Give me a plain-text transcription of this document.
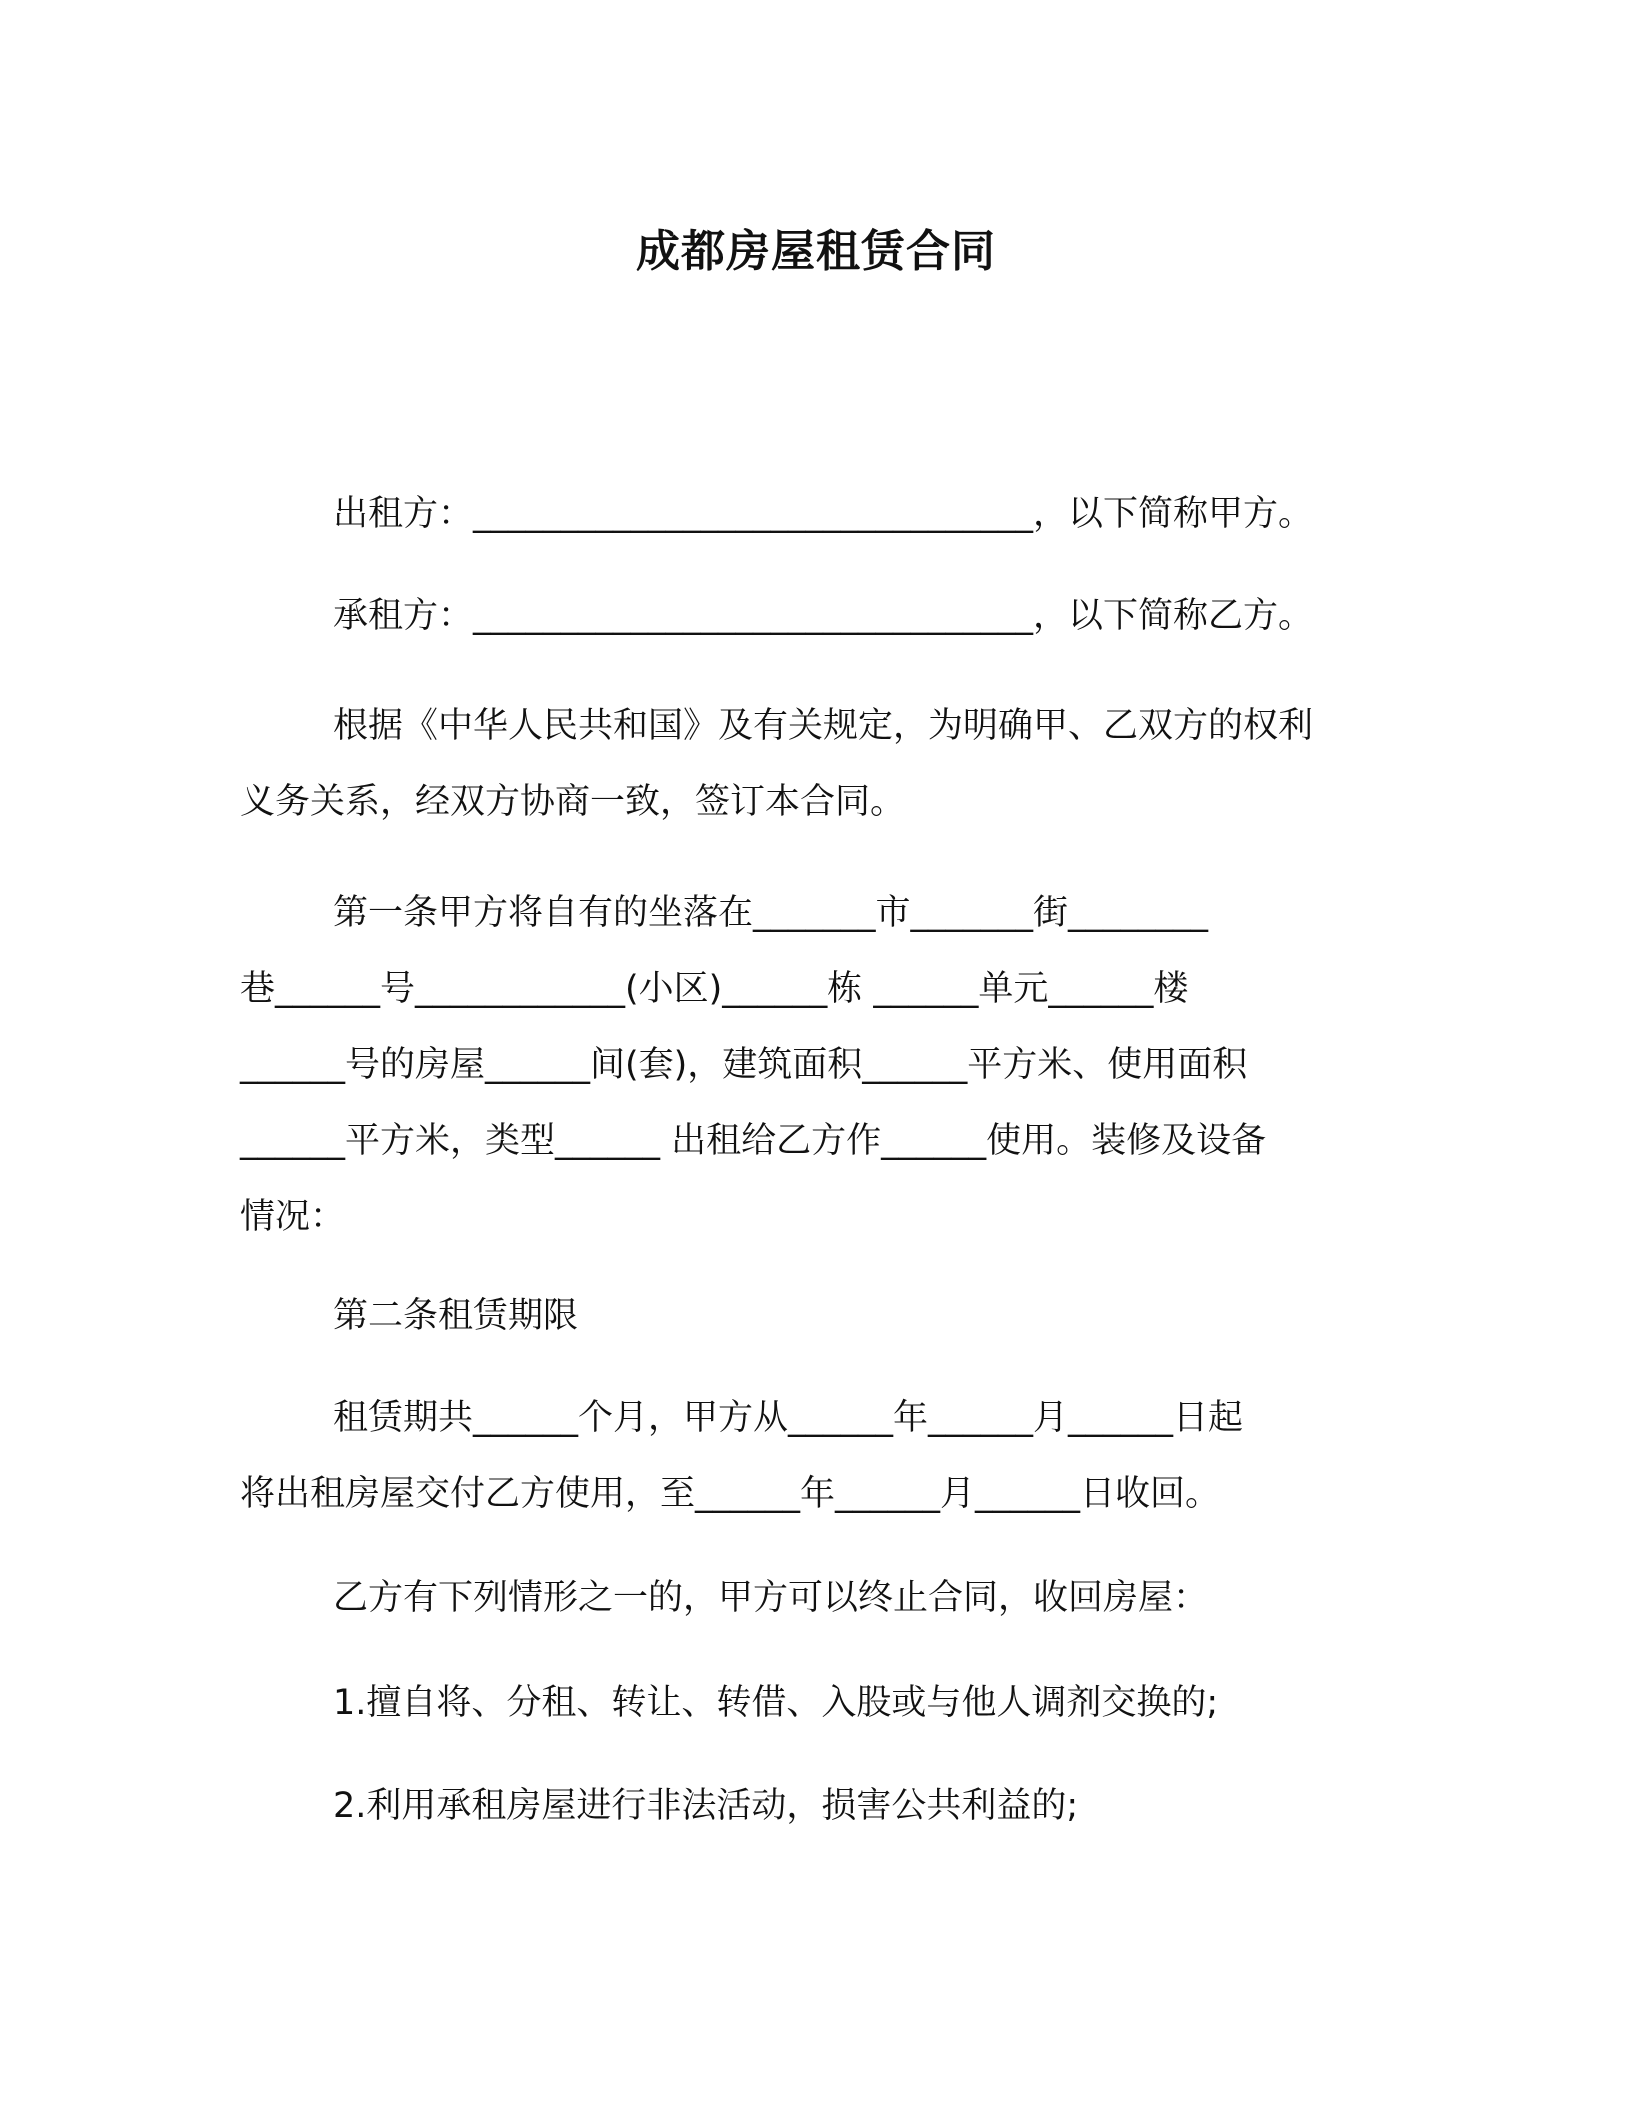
成都房屋租赁合同
出租方：________________________________，以下简称甲方。
承租方：________________________________，以下简称乙方。
根据《中华人民共和国》及有关规定，为明确甲、乙双方的权利
义务关系，经双方协商一致，签订本合同。
第一条甲方将自有的坐落在_______市_______街________
巷______号____________(小区)______栋 ______单元______楼
______号的房屋______间(套)，建筑面积______平方米、使用面积
______平方米，类型______ 出租给乙方作______使用。装修及设备
情况：
第二条租赁期限
租赁期共______个月，甲方从______年______月______日起
将出租房屋交付乙方使用，至______年______月______日收回。
乙方有下列情形之一的，甲方可以终止合同，收回房屋：
1.擅自将、分租、转让、转借、入股或与他人调剂交换的;
2.利用承租房屋进行非法活动，损害公共利益的;
